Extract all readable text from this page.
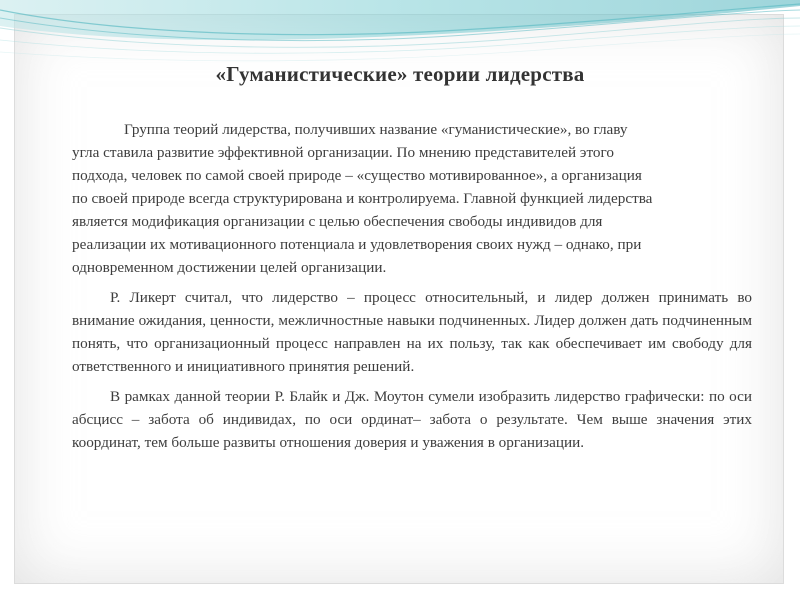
«Гуманистические» теории лидерства
Группа теорий лидерства, получивших название «гуманистические», во главу
угла ставила развитие эффективной организации. По мнению представителей этого
подхода, человек по самой своей природе – «существо мотивированное», а организация
по своей природе всегда структурирована и контролируема. Главной функцией лидерства
является модификация организации с целью обеспечения свободы индивидов для
реализации их мотивационного потенциала и удовлетворения своих нужд – однако, при
одновременном достижении целей организации.

Р. Ликерт считал, что лидерство – процесс относительный, и лидер должен принимать во внимание ожидания, ценности, межличностные навыки подчиненных. Лидер должен дать подчиненным понять, что организационный процесс направлен на их пользу, так как обеспечивает им свободу для ответственного и инициативного принятия решений.

В рамках данной теории Р. Блайк и Дж. Моутон сумели изобразить лидерство графически: по оси абсцисс – забота об индивидах, по оси ординат– забота о результате. Чем выше значения этих координат, тем больше развиты отношения доверия и уважения в организации.
